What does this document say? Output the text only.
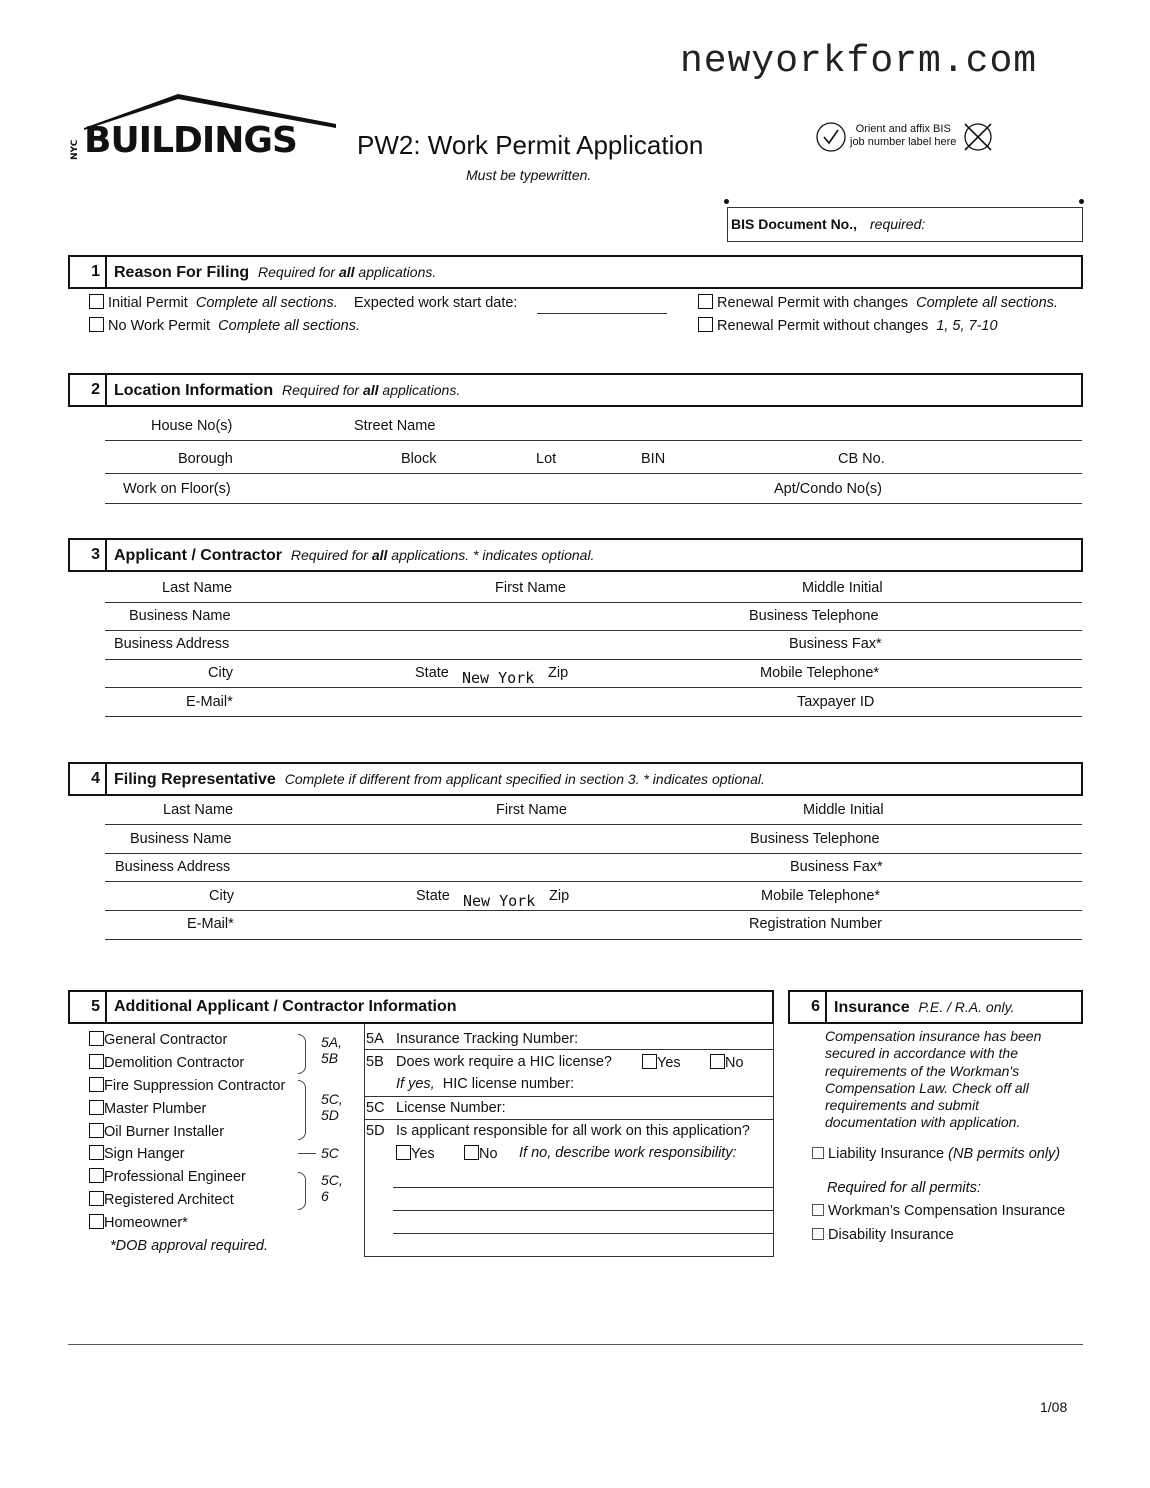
newyorkform.com
NYC BUILDINGS PW2: Work Permit Application
Must be typewritten.
Orient and affix BIS
job number label here
BIS Document No., required:
1 Reason For Filing Required for all applications.
Initial Permit Complete all sections. Expected work start date:
No Work Permit Complete all sections.
Renewal Permit with changes Complete all sections.
Renewal Permit without changes 1, 5, 7-10
2 Location Information Required for all applications.
House No(s)	Street Name
Borough	Block	Lot	BIN	CB No.
Work on Floor(s)	Apt/Condo No(s)
3 Applicant / Contractor Required for all applications. * indicates optional.
Last Name	First Name	Middle Initial
Business Name	Business Telephone
Business Address	Business Fax*
City	State New York Zip	Mobile Telephone*
E-Mail*	Taxpayer ID
4 Filing Representative Complete if different from applicant specified in section 3. * indicates optional.
Last Name	First Name	Middle Initial
Business Name	Business Telephone
Business Address	Business Fax*
City	State New York Zip	Mobile Telephone*
E-Mail*	Registration Number
5 Additional Applicant / Contractor Information
General Contractor
Demolition Contractor
Fire Suppression Contractor
Master Plumber
Oil Burner Installer
Sign Hanger
Professional Engineer
Registered Architect
Homeowner*
*DOB approval required.
5A,
5B
5C,
5D
5C
5C,
6
5A Insurance Tracking Number:
5B Does work require a HIC license?	Yes	No
If yes, HIC license number:
5C License Number:
5D Is applicant responsible for all work on this application?
Yes	No If no, describe work responsibility:
6 Insurance P.E. / R.A. only.
Compensation insurance has been
secured in accordance with the
requirements of the Workman's
Compensation Law. Check off all
requirements and submit
documentation with application.
Liability Insurance (NB permits only)
Required for all permits:
Workman’s Compensation Insurance
Disability Insurance
1/08
